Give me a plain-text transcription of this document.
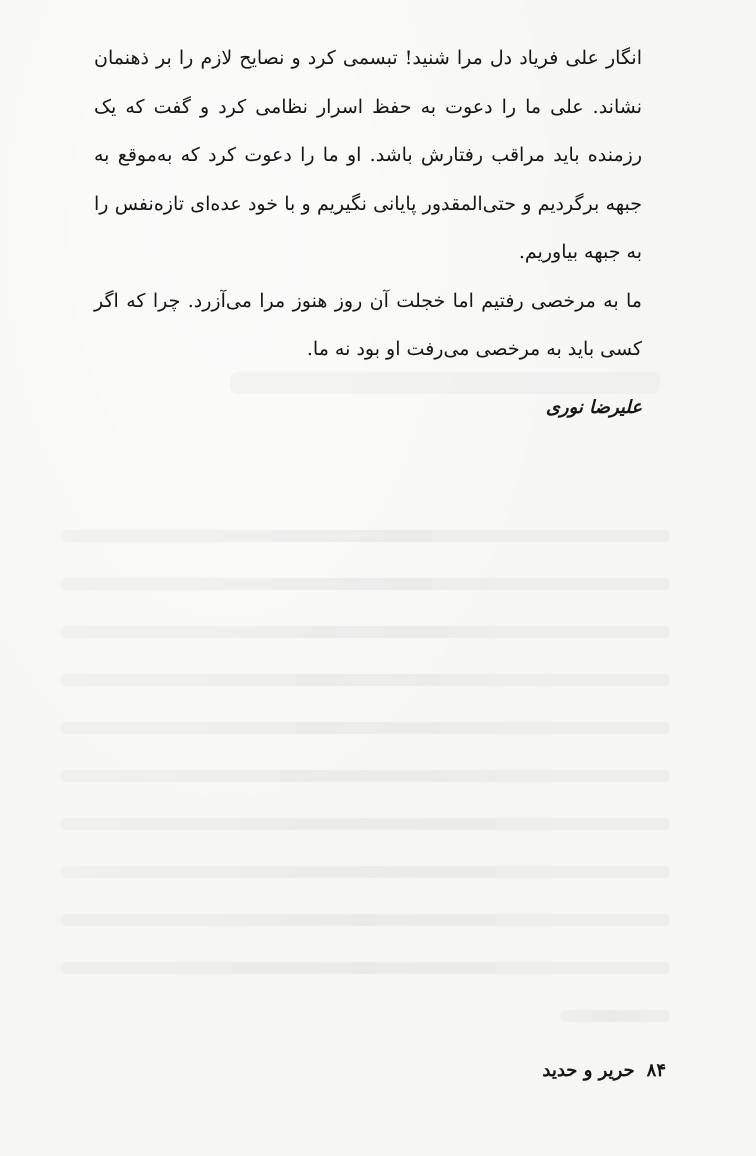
انگار علی فریاد دل مرا شنید! تبسمی کرد و نصایح لازم را بر ذهنمان نشاند. علی ما را دعوت به حفظ اسرار نظامی کرد و گفت که یک رزمنده باید مراقب رفتارش باشد. او ما را دعوت کرد که به‌موقع به جبهه برگردیم و حتی‌المقدور پایانی نگیریم و با خود عده‌ای تازه‌نفس را به جبهه بیاوریم.

ما به مرخصی رفتیم اما خجلت آن روز هنوز مرا می‌آزرد. چرا که اگر کسی باید به مرخصی می‌رفت او بود نه ما.

علیرضا نوری
۸۴حریر و حدید
